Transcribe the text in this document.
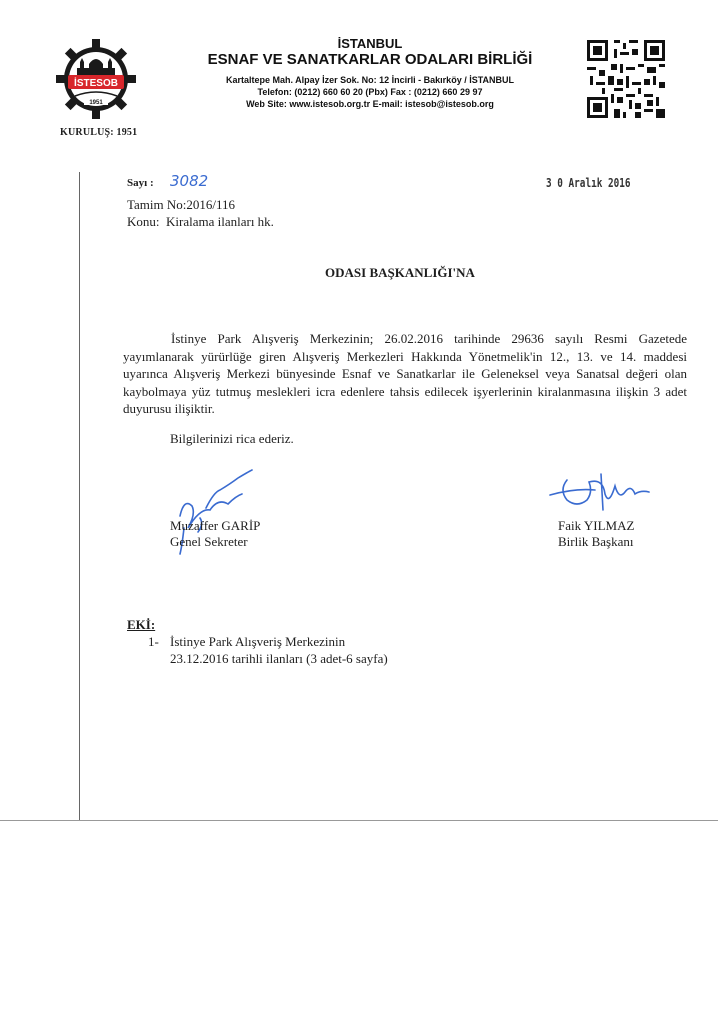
İSTESOB
1951
KURULUŞ: 1951
İSTANBUL
ESNAF VE SANATKARLAR ODALARI BİRLİĞİ
Kartaltepe Mah. Alpay İzer Sok. No: 12 İncirli - Bakırköy / İSTANBUL
Telefon: (0212) 660 60 20 (Pbx) Fax : (0212) 660 29 97
Web Site: www.istesob.org.tr E-mail: istesob@istesob.org
Sayı : 3082	3 0 Aralık 2016
Tamim No:2016/116
Konu:  Kiralama ilanları hk.
ODASI BAŞKANLIĞI'NA
İstinye Park Alışveriş Merkezinin; 26.02.2016 tarihinde 29636 sayılı Resmi Gazetede yayımlanarak yürürlüğe giren Alışveriş Merkezleri Hakkında Yönetmelik'in 12., 13. ve 14. maddesi uyarınca Alışveriş Merkezi bünyesinde Esnaf ve Sanatkarlar ile Geleneksel veya Sanatsal değeri olan kaybolmaya yüz tutmuş meslekleri icra edenlere tahsis edilecek işyerlerinin kiralanmasına ilişkin 3 adet duyurusu ilişiktir.
Bilgilerinizi rica ederiz.
Muzaffer GARİP
Genel Sekreter
Faik YILMAZ
Birlik Başkanı
EKİ:
1- İstinye Park Alışveriş Merkezinin
23.12.2016 tarihli ilanları (3 adet-6 sayfa)
